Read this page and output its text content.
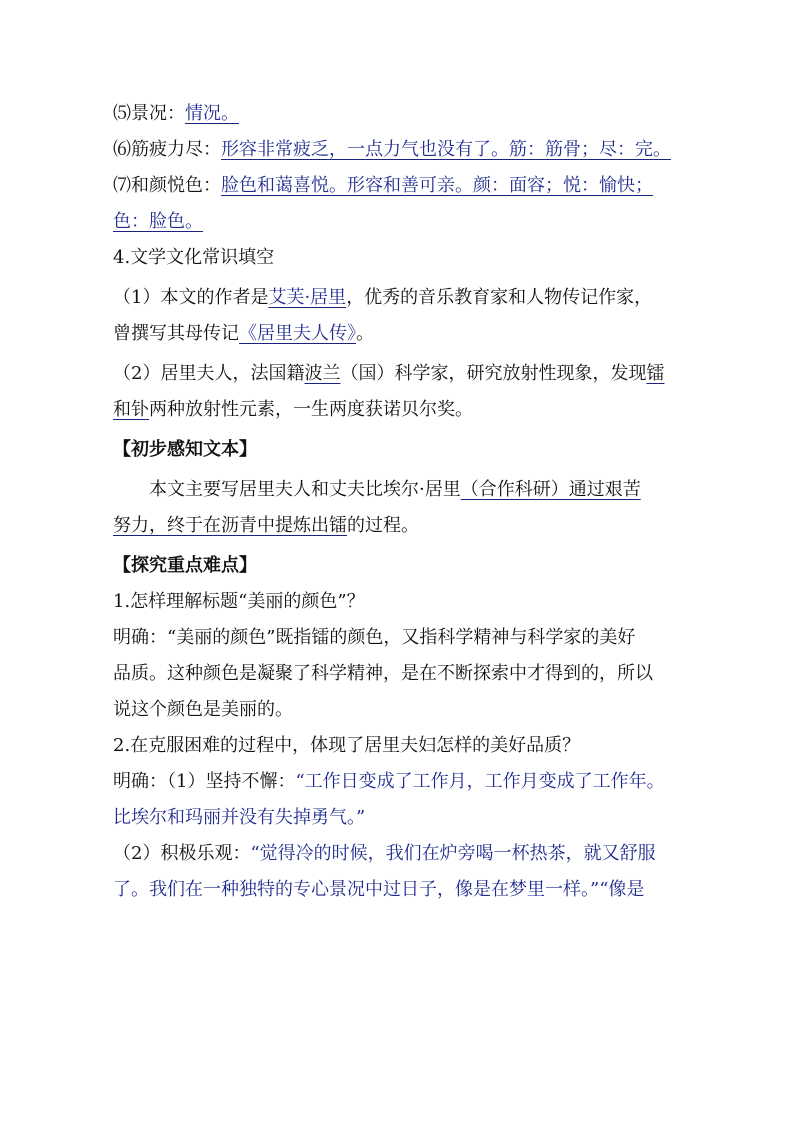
⑸景况：情况。
⑹筋疲力尽：形容非常疲乏，一点力气也没有了。筋：筋骨；尽：完。
⑺和颜悦色：脸色和蔼喜悦。形容和善可亲。颜：面容；悦：愉快；
色：脸色。
4.文学文化常识填空
（1）本文的作者是艾芙·居里，优秀的音乐教育家和人物传记作家，
曾撰写其母传记《居里夫人传》。
（2）居里夫人，法国籍波兰（国）科学家，研究放射性现象，发现镭
和钋两种放射性元素，一生两度获诺贝尔奖。
【初步感知文本】
本文主要写居里夫人和丈夫比埃尔·居里（合作科研）通过艰苦
努力，终于在沥青中提炼出镭的过程。
【探究重点难点】
1.怎样理解标题“美丽的颜色”？
明确：“美丽的颜色”既指镭的颜色，又指科学精神与科学家的美好
品质。这种颜色是凝聚了科学精神，是在不断探索中才得到的，所以
说这个颜色是美丽的。
2.在克服困难的过程中，体现了居里夫妇怎样的美好品质？
明确：（1）坚持不懈：“工作日变成了工作月，工作月变成了工作年。
比埃尔和玛丽并没有失掉勇气。”
（2）积极乐观：“觉得冷的时候，我们在炉旁喝一杯热茶，就又舒服
了。我们在一种独特的专心景况中过日子，像是在梦里一样。”“像是
